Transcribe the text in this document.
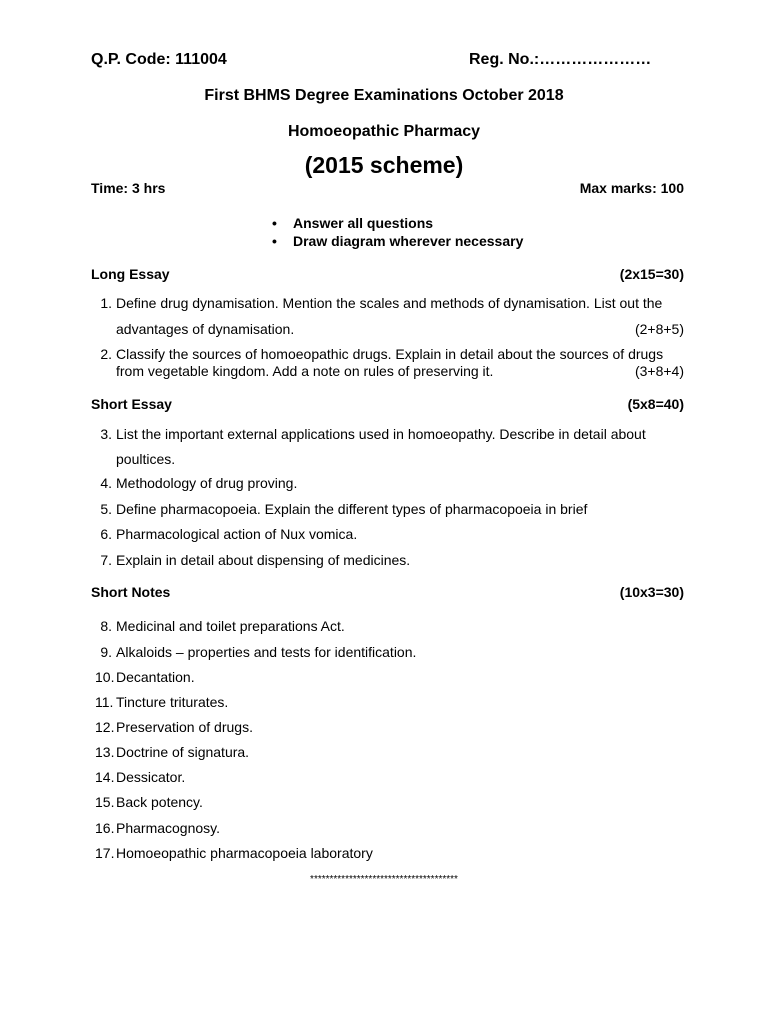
Q.P. Code: 111004	Reg. No.:…………………
First BHMS Degree Examinations October 2018
Homoeopathic Pharmacy
(2015 scheme)
Time: 3 hrs	Max marks: 100
• Answer all questions
• Draw diagram wherever necessary
Long Essay	(2x15=30)
1. Define drug dynamisation. Mention the scales and methods of dynamisation. List out the
advantages of dynamisation.	(2+8+5)
2. Classify the sources of homoeopathic drugs. Explain in detail about the sources of drugs
from vegetable kingdom. Add a note on rules of preserving it.	(3+8+4)
Short Essay	(5x8=40)
3. List the important external applications used in homoeopathy. Describe in detail about
poultices.
4. Methodology of drug proving.
5. Define pharmacopoeia. Explain the different types of pharmacopoeia in brief
6. Pharmacological action of Nux vomica.
7. Explain in detail about dispensing of medicines.
Short Notes	(10x3=30)
8. Medicinal and toilet preparations Act.
9. Alkaloids – properties and tests for identification.
10. Decantation.
11. Tincture triturates.
12. Preservation of drugs.
13. Doctrine of signatura.
14. Dessicator.
15. Back potency.
16. Pharmacognosy.
17. Homoeopathic pharmacopoeia laboratory
**************************************
